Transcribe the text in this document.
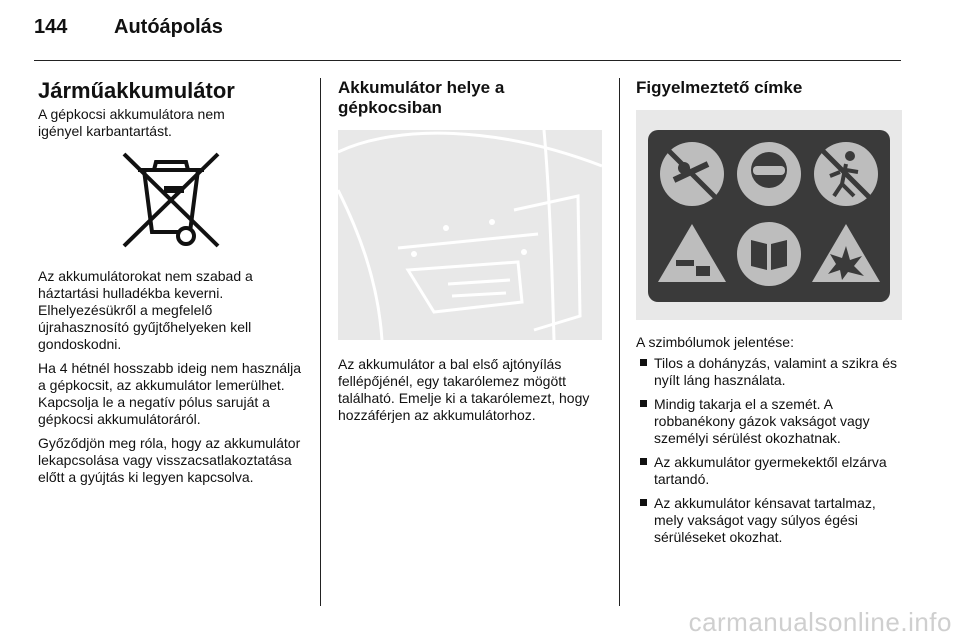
144 Autóápolás
Járműakkumulátor

A gépkocsi akkumulátora nem
igényel karbantartást.

Az akkumulátorokat nem szabad a háztartási hulladékba keverni. Elhelyezésükről a megfelelő újrahasznosító gyűjtőhelyeken kell gondoskodni.

Ha 4 hétnél hosszabb ideig nem használja a gépkocsit, az akkumulátor lemerülhet. Kapcsolja le a negatív pólus saruját a gépkocsi akkumulátoráról.

Győződjön meg róla, hogy az akkumulátor lekapcsolása vagy visszacsatlakoztatása előtt a gyújtás ki legyen kapcsolva.

Akkumulátor helye a
gépkocsiban

Az akkumulátor a bal első ajtónyílás fellépőjénél, egy takarólemez mögött található. Emelje ki a takarólemezt, hogy hozzáférjen az akkumulátorhoz.

Figyelmeztető címke

A szimbólumok jelentése:

Tilos a dohányzás, valamint a szikra és nyílt láng használata.
Mindig takarja el a szemét. A robbanékony gázok vakságot vagy személyi sérülést okozhatnak.
Az akkumulátor gyermekektől elzárva tartandó.
Az akkumulátor kénsavat tartalmaz, mely vakságot vagy súlyos égési sérüléseket okozhat.
carmanualsonline.info
